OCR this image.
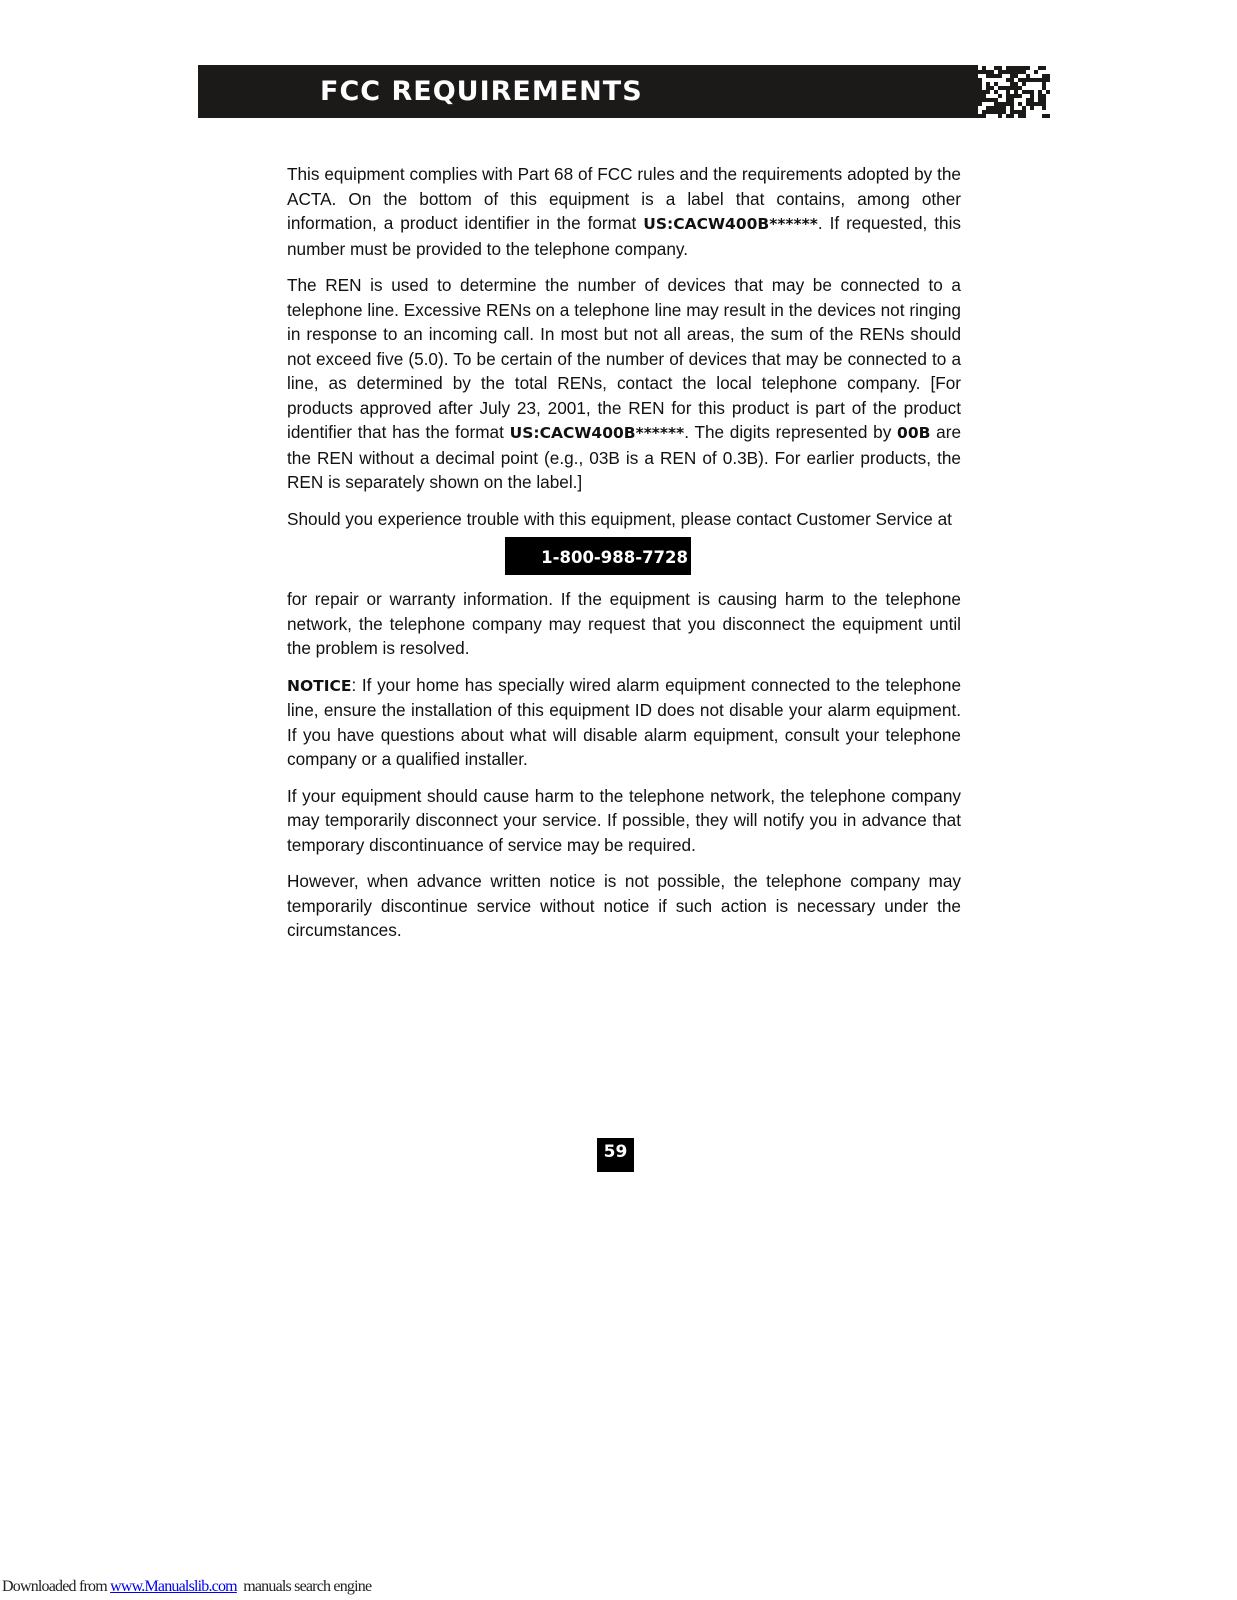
FCC REQUIREMENTS

This equipment complies with Part 68 of FCC rules and the requirements adopted by the ACTA. On the bottom of this equipment is a label that contains, among other information, a product identifier in the format US:CACW400B******. If requested, this number must be provided to the telephone company.

The REN is used to determine the number of devices that may be connected to a telephone line. Excessive RENs on a telephone line may result in the devices not ringing in response to an incoming call. In most but not all areas, the sum of the RENs should not exceed five (5.0). To be certain of the number of devices that may be connected to a line, as determined by the total RENs, contact the local telephone company. [For products approved after July 23, 2001, the REN for this product is part of the product identifier that has the format US:CACW400B******. The digits represented by 00B are the REN without a decimal point (e.g., 03B is a REN of 0.3B). For earlier products, the REN is separately shown on the label.]

Should you experience trouble with this equipment, please contact Customer Service at

1-800-988-7728

for repair or warranty information. If the equipment is causing harm to the telephone network, the telephone company may request that you disconnect the equipment until the problem is resolved.

NOTICE: If your home has specially wired alarm equipment connected to the telephone line, ensure the installation of this equipment ID does not disable your alarm equipment.   If you have questions about what will disable alarm equipment, consult your telephone company or a qualified installer.

If your equipment should cause harm to the telephone network, the telephone company may temporarily disconnect your service. If possible, they will notify you in advance that temporary discontinuance of service may be required.

However, when advance written notice is not possible, the telephone company may temporarily discontinue service without notice if such action is necessary under the circumstances.

59
Downloaded from www.Manualslib.com  manuals search engine
